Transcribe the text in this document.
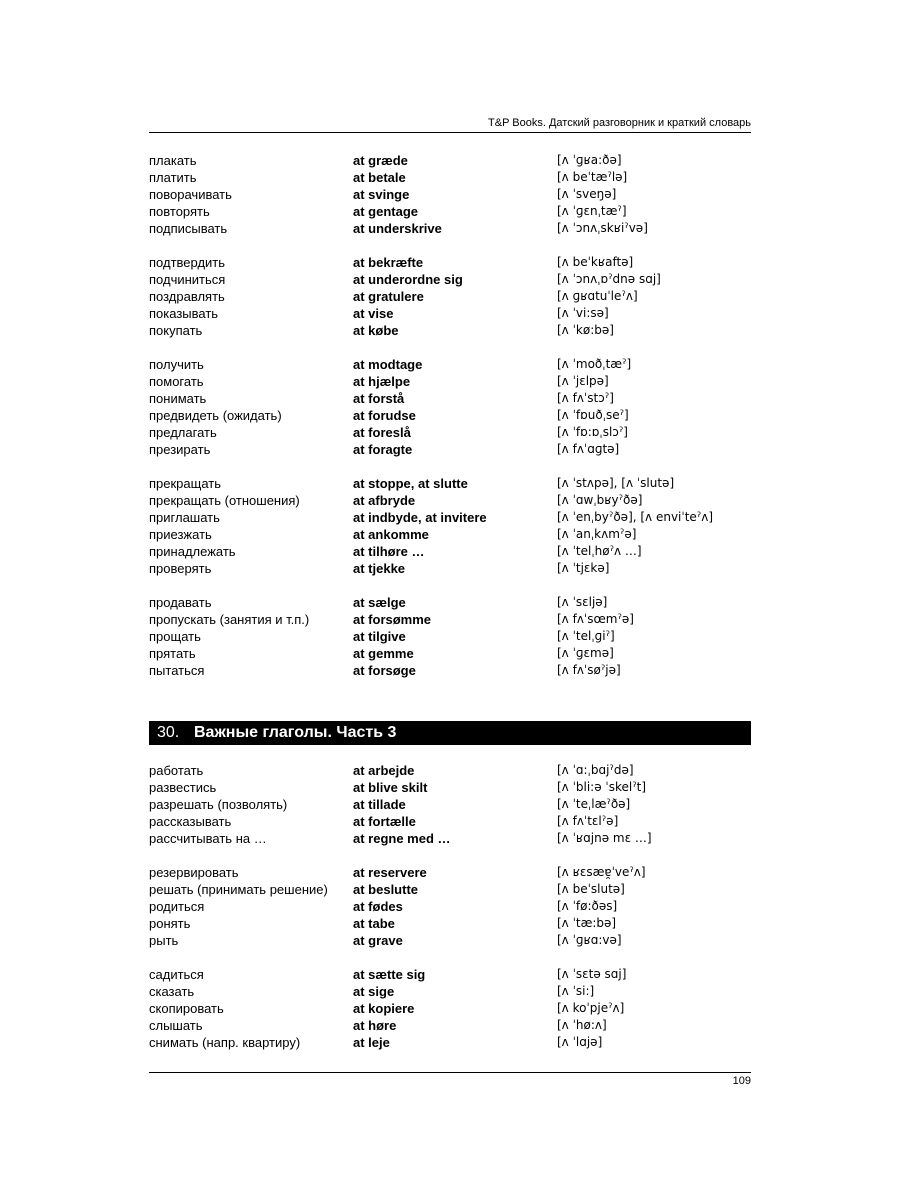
T&P Books. Датский разговорник и краткий словарь
плакать	at græde	[ʌ ˈɡʁa:ðə]
платить	at betale	[ʌ beˈtæˀlə]
поворачивать	at svinge	[ʌ ˈsveŋə]
повторять	at gentage	[ʌ ˈɡɛnˌtæˀ]
подписывать	at underskrive	[ʌ ˈɔnʌˌskʁiˀvə]
подтвердить	at bekræfte	[ʌ beˈkʁaftə]
подчиниться	at underordne sig	[ʌ ˈɔnʌˌɒˀdnə sɑj]
поздравлять	at gratulere	[ʌ ɡʁɑtuˈleˀʌ]
показывать	at vise	[ʌ ˈvi:sə]
покупать	at købe	[ʌ ˈkø:bə]
получить	at modtage	[ʌ ˈmoðˌtæˀ]
помогать	at hjælpe	[ʌ ˈjɛlpə]
понимать	at forstå	[ʌ fʌˈstɔˀ]
предвидеть (ожидать)	at forudse	[ʌ ˈfɒuðˌseˀ]
предлагать	at foreslå	[ʌ ˈfɒ:ɒˌslɔˀ]
презирать	at foragte	[ʌ fʌˈɑɡtə]
прекращать	at stoppe, at slutte	[ʌ ˈstʌpə], [ʌ ˈslutə]
прекращать (отношения)	at afbryde	[ʌ ˈɑwˌbʁyˀðə]
приглашать	at indbyde, at invitere	[ʌ ˈenˌbyˀðə], [ʌ enviˈteˀʌ]
приезжать	at ankomme	[ʌ ˈanˌkʌmˀə]
принадлежать	at tilhøre …	[ʌ ˈtelˌhøˀʌ …]
проверять	at tjekke	[ʌ ˈtjɛkə]
продавать	at sælge	[ʌ ˈsɛljə]
пропускать (занятия и т.п.)	at forsømme	[ʌ fʌˈsœmˀə]
прощать	at tilgive	[ʌ ˈtelˌɡiˀ]
прятать	at gemme	[ʌ ˈɡɛmə]
пытаться	at forsøge	[ʌ fʌˈsøˀjə]
30. Важные глаголы. Часть 3
работать	at arbejde	[ʌ ˈɑ:ˌbɑjˀdə]
развестись	at blive skilt	[ʌ ˈbli:ə ˈskelˀt]
разрешать (позволять)	at tillade	[ʌ ˈteˌlæˀðə]
рассказывать	at fortælle	[ʌ fʌˈtɛlˀə]
рассчитывать на …	at regne med …	[ʌ ˈʁɑjnə mɛ …]
резервировать	at reservere	[ʌ ʁɛsæɐ̯ˈveˀʌ]
решать (принимать решение) at beslutte	[ʌ beˈslutə]
родиться	at fødes	[ʌ ˈfø:ðəs]
ронять	at tabe	[ʌ ˈtæ:bə]
рыть	at grave	[ʌ ˈɡʁɑ:və]
садиться	at sætte sig	[ʌ ˈsɛtə sɑj]
сказать	at sige	[ʌ ˈsi:]
скопировать	at kopiere	[ʌ koˈpjeˀʌ]
слышать	at høre	[ʌ ˈhø:ʌ]
снимать (напр. квартиру)	at leje	[ʌ ˈlɑjə]
109
